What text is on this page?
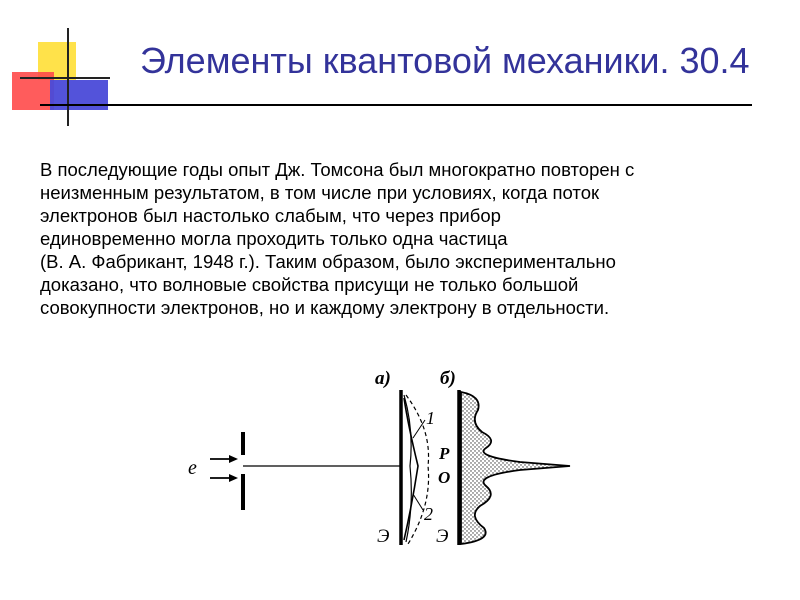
Элементы квантовой механики. 30.4
В последующие годы опыт Дж. Томсона был многократно повторен с
неизменным результатом, в том числе при условиях, когда поток
электронов был настолько слабым, что через прибор
единовременно могла проходить только одна частица
(В. А. Фабрикант, 1948 г.). Таким образом, было экспериментально
доказано, что волновые свойства присущи не только большой
совокупности электронов, но и каждому электрону в отдельности.
e
а)	б)
1
2
P
O
Э Э
